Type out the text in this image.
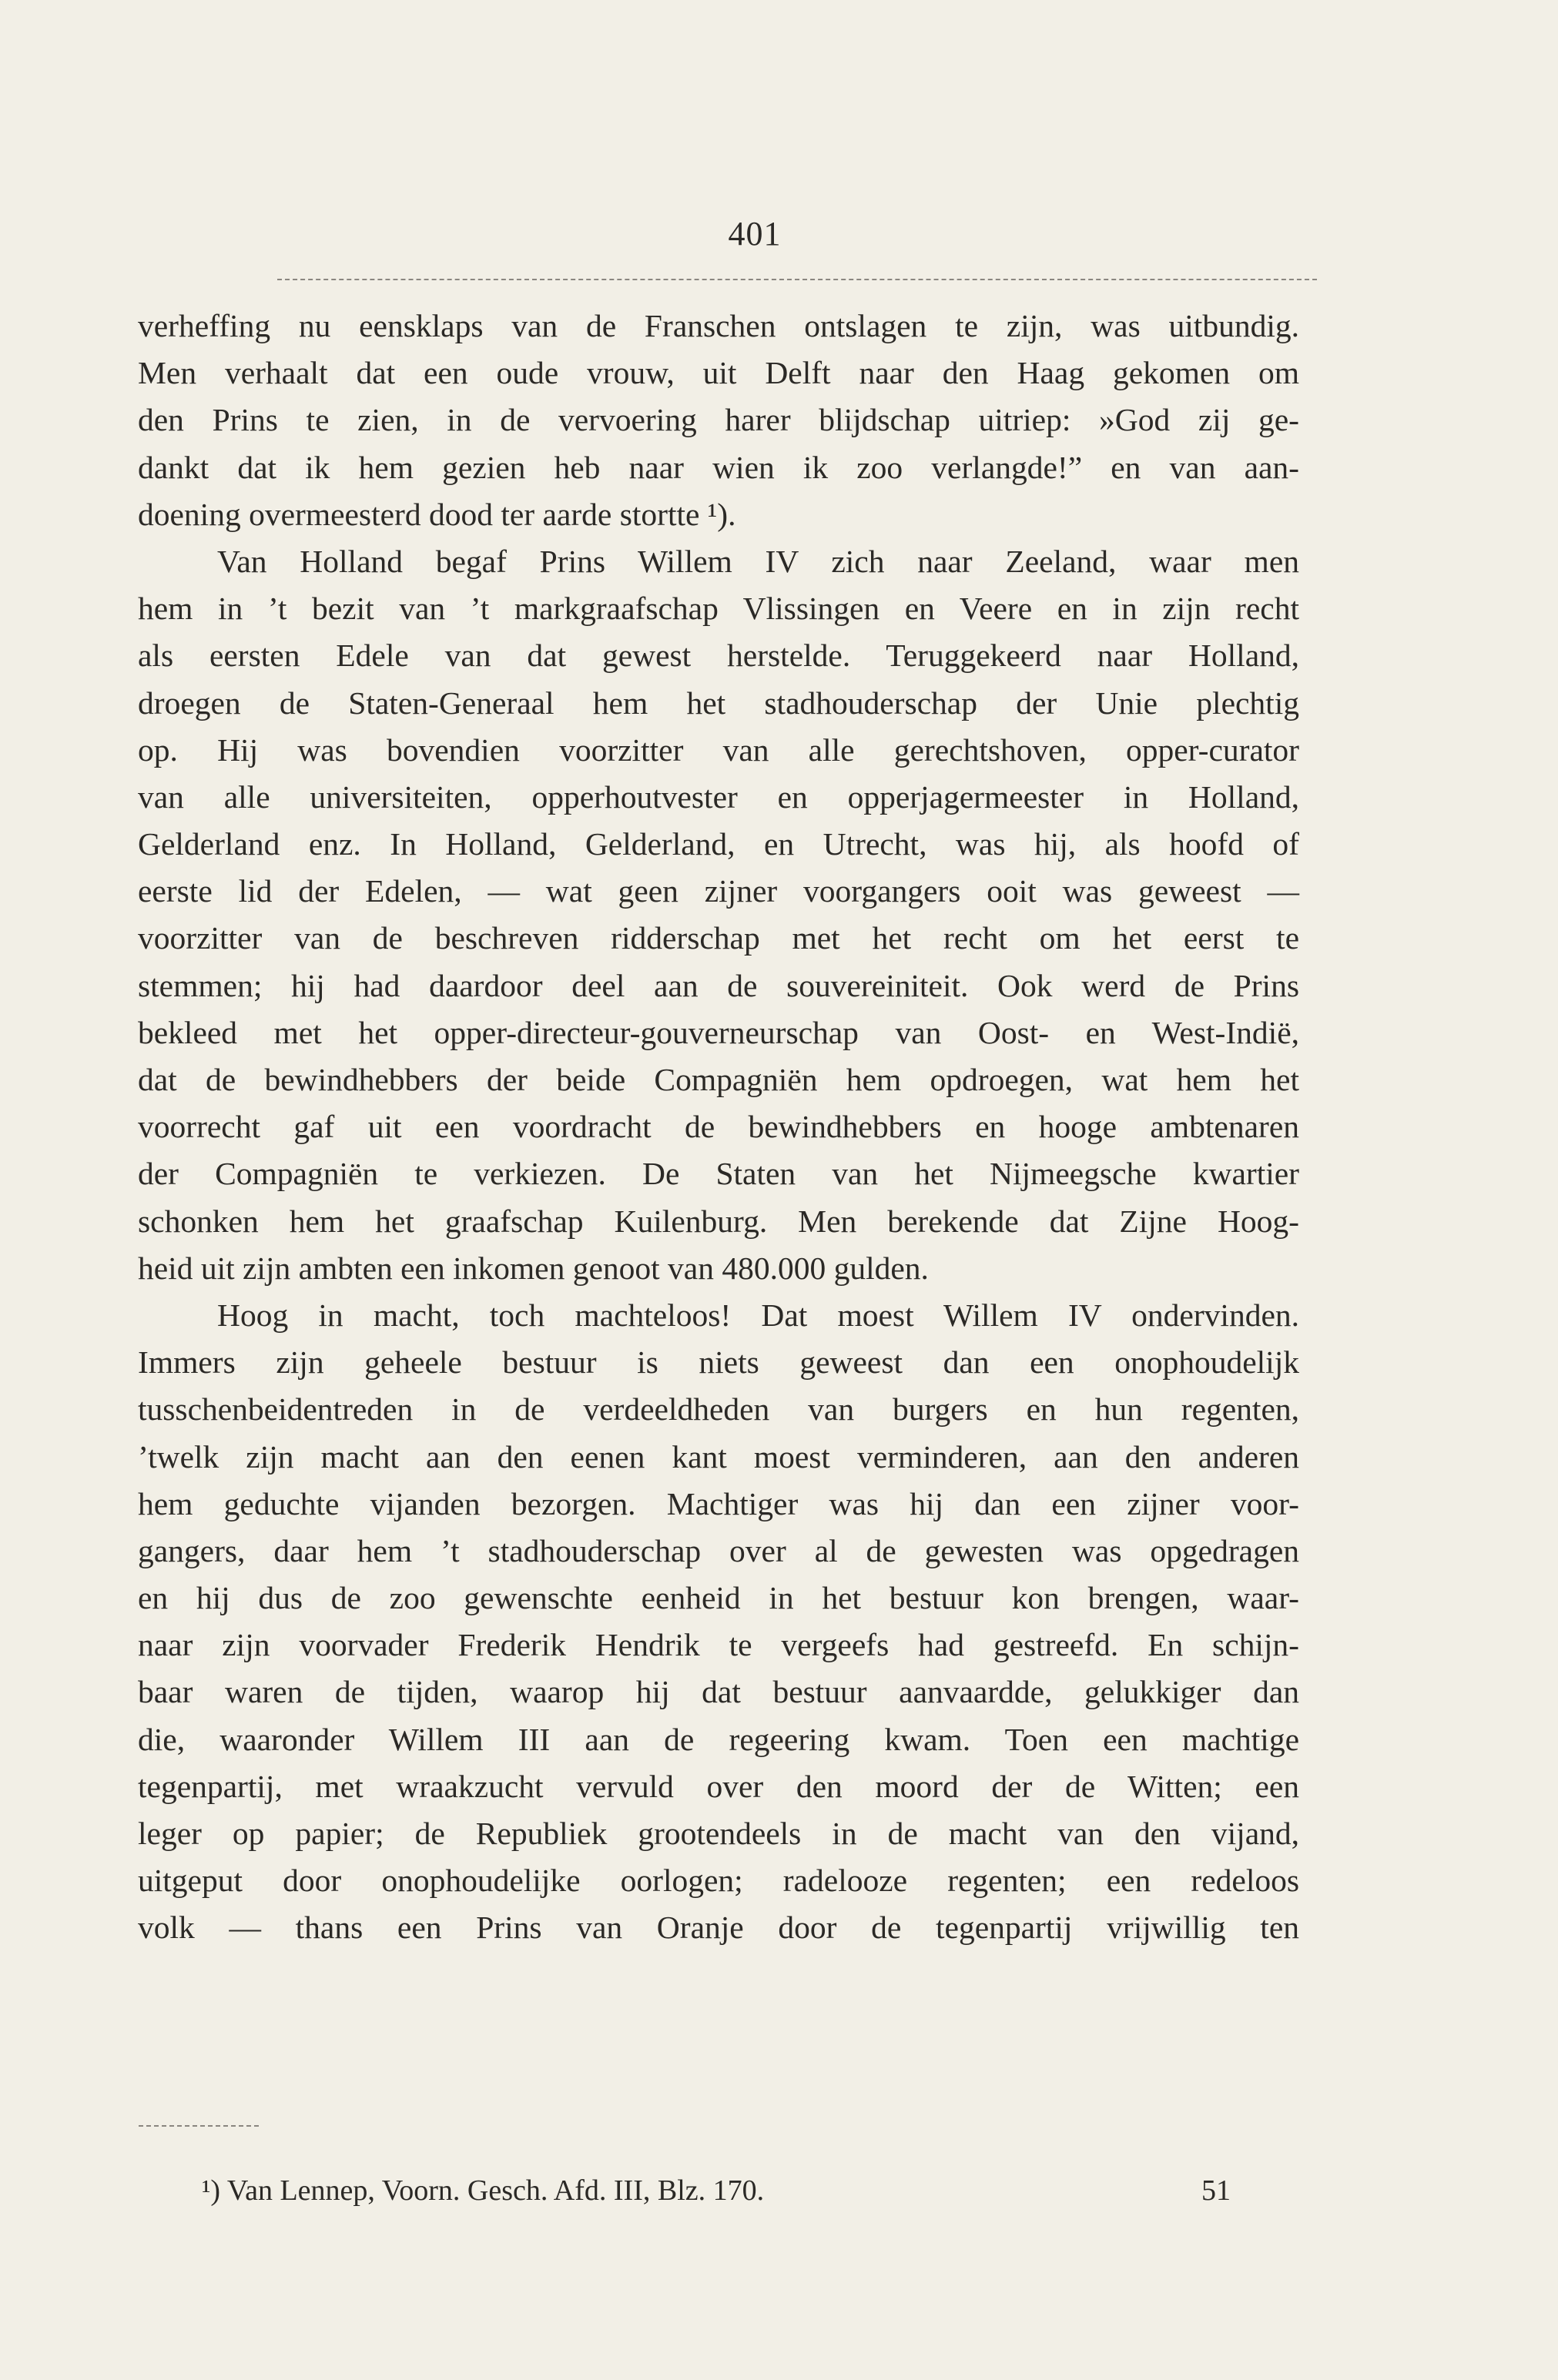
401
verheffing nu eensklaps van de Franschen ontslagen te zijn, was uitbundig.
Men verhaalt dat een oude vrouw, uit Delft naar den Haag gekomen om
den Prins te zien, in de vervoering harer blijdschap uitriep: »God zij ge-
dankt dat ik hem gezien heb naar wien ik zoo verlangde!” en van aan-
doening overmeesterd dood ter aarde stortte ¹).
Van Holland begaf Prins Willem IV zich naar Zeeland, waar men
hem in ’t bezit van ’t markgraafschap Vlissingen en Veere en in zijn recht
als eersten Edele van dat gewest herstelde. Teruggekeerd naar Holland,
droegen de Staten-Generaal hem het stadhouderschap der Unie plechtig
op. Hij was bovendien voorzitter van alle gerechtshoven, opper-curator
van alle universiteiten, opperhoutvester en opperjagermeester in Holland,
Gelderland enz. In Holland, Gelderland, en Utrecht, was hij, als hoofd of
eerste lid der Edelen, — wat geen zijner voorgangers ooit was geweest —
voorzitter van de beschreven ridderschap met het recht om het eerst te
stemmen; hij had daardoor deel aan de souvereiniteit. Ook werd de Prins
bekleed met het opper-directeur-gouverneurschap van Oost- en West-Indië,
dat de bewindhebbers der beide Compagniën hem opdroegen, wat hem het
voorrecht gaf uit een voordracht de bewindhebbers en hooge ambtenaren
der Compagniën te verkiezen. De Staten van het Nijmeegsche kwartier
schonken hem het graafschap Kuilenburg. Men berekende dat Zijne Hoog-
heid uit zijn ambten een inkomen genoot van 480.000 gulden.
Hoog in macht, toch machteloos! Dat moest Willem IV ondervinden.
Immers zijn geheele bestuur is niets geweest dan een onophoudelijk
tusschenbeidentreden in de verdeeldheden van burgers en hun regenten,
’twelk zijn macht aan den eenen kant moest verminderen, aan den anderen
hem geduchte vijanden bezorgen. Machtiger was hij dan een zijner voor-
gangers, daar hem ’t stadhouderschap over al de gewesten was opgedragen
en hij dus de zoo gewenschte eenheid in het bestuur kon brengen, waar-
naar zijn voorvader Frederik Hendrik te vergeefs had gestreefd. En schijn-
baar waren de tijden, waarop hij dat bestuur aanvaardde, gelukkiger dan
die, waaronder Willem III aan de regeering kwam. Toen een machtige
tegenpartij, met wraakzucht vervuld over den moord der de Witten; een
leger op papier; de Republiek grootendeels in de macht van den vijand,
uitgeput door onophoudelijke oorlogen; radelooze regenten; een redeloos
volk — thans een Prins van Oranje door de tegenpartij vrijwillig ten
¹) Van Lennep, Voorn. Gesch. Afd. III, Blz. 170.	51
